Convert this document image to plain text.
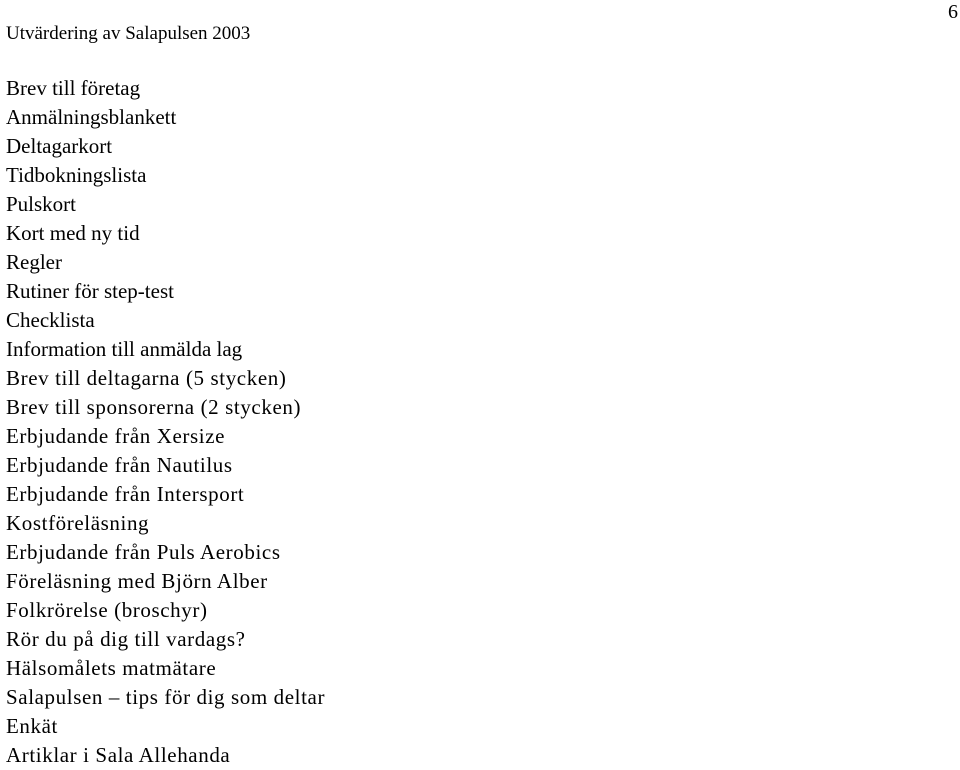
Utvärdering av Salapulsen 2003
6
Brev till företag
Anmälningsblankett
Deltagarkort
Tidbokningslista
Pulskort
Kort med ny tid
Regler
Rutiner för step-test
Checklista
Information till anmälda lag
Brev till deltagarna (5 stycken)
Brev till sponsorerna (2 stycken)
Erbjudande från Xersize
Erbjudande från Nautilus
Erbjudande från Intersport
Kostföreläsning
Erbjudande från Puls Aerobics
Föreläsning med Björn Alber
Folkrörelse (broschyr)
Rör du på dig till vardags?
Hälsomålets matmätare
Salapulsen – tips för dig som deltar
Enkät
Artiklar i Sala Allehanda
